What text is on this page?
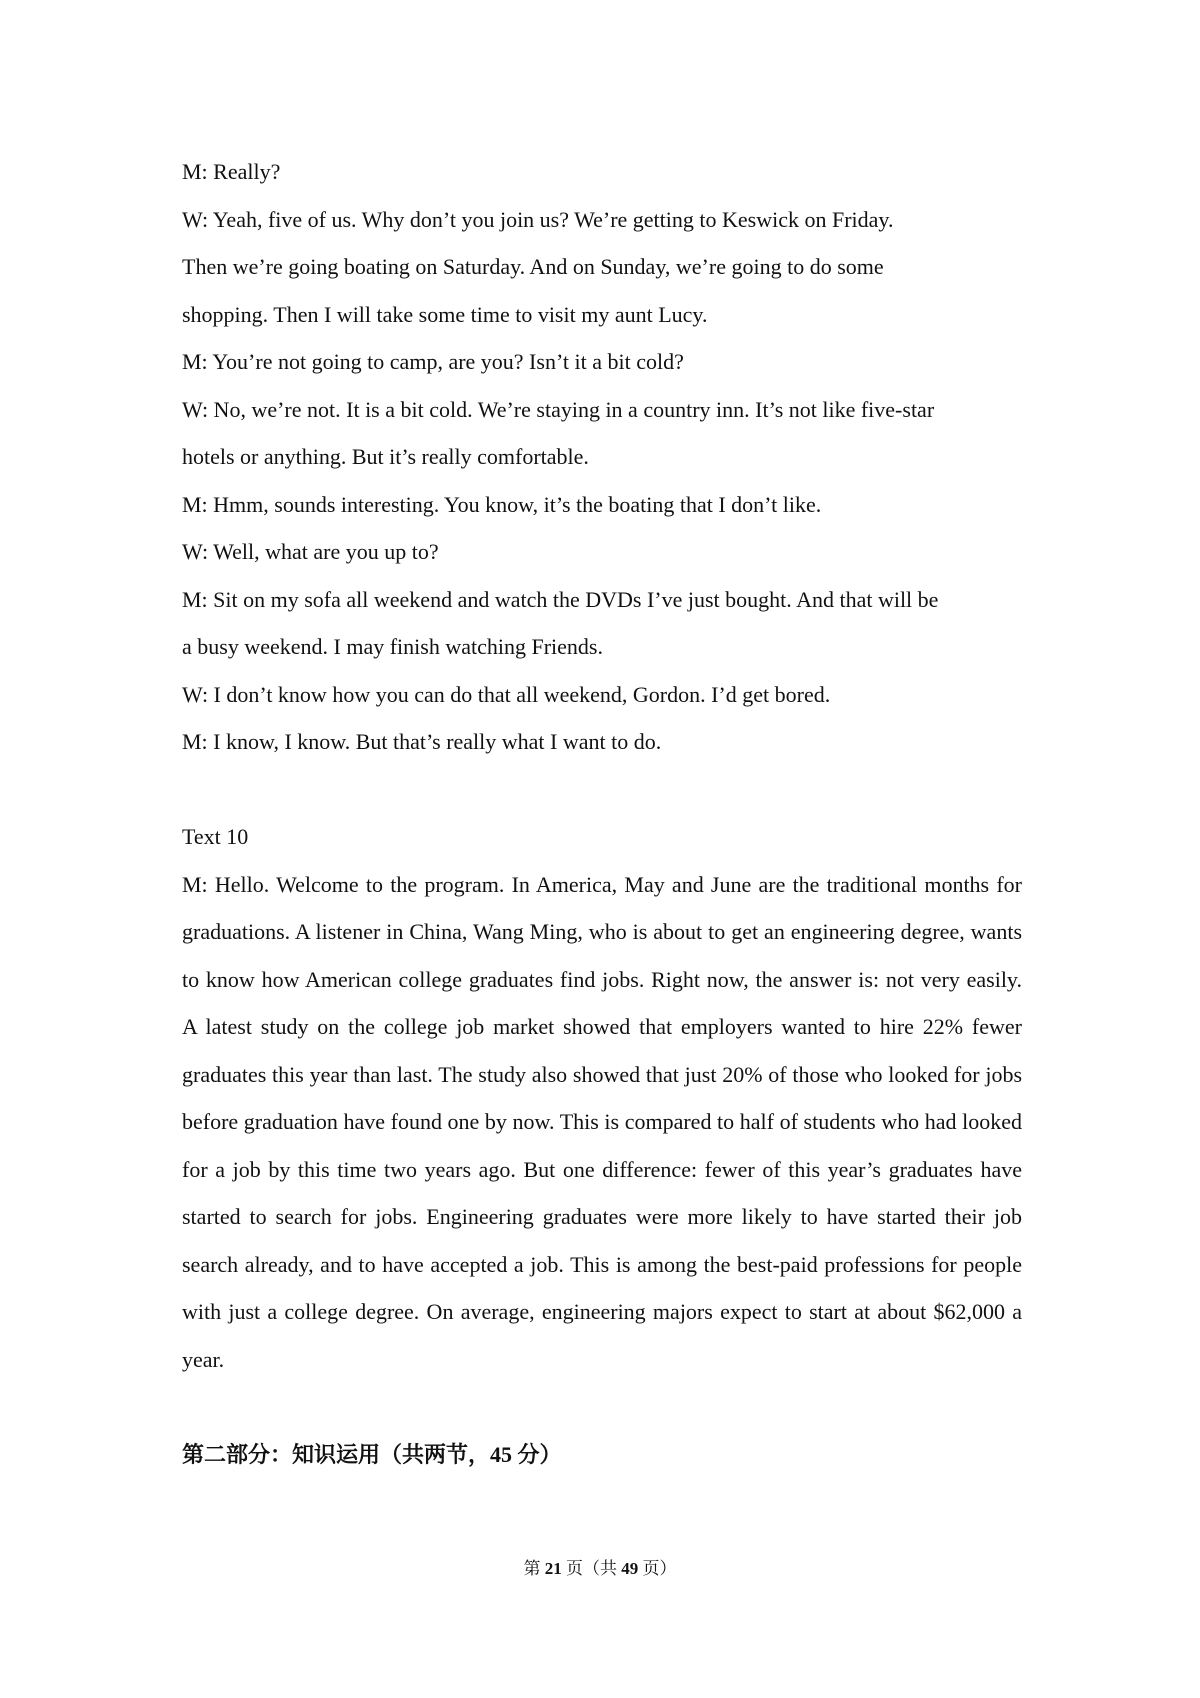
M: Really?

W: Yeah, five of us. Why don’t you join us? We’re getting to Keswick on Friday.

Then we’re going boating on Saturday. And on Sunday, we’re going to do some

shopping. Then I will take some time to visit my aunt Lucy.

M: You’re not going to camp, are you? Isn’t it a bit cold?

W: No, we’re not. It is a bit cold. We’re staying in a country inn. It’s not like five-star

hotels or anything. But it’s really comfortable.

M: Hmm, sounds interesting. You know, it’s the boating that I don’t like.

W: Well, what are you up to?

M: Sit on my sofa all weekend and watch the DVDs I’ve just bought. And that will be

a busy weekend. I may finish watching Friends.

W: I don’t know how you can do that all weekend, Gordon. I’d get bored.

M: I know, I know. But that’s really what I want to do.

Text 10

M: Hello. Welcome to the program. In America, May and June are the traditional months for graduations. A listener in China, Wang Ming, who is about to get an engineering degree, wants to know how American college graduates find jobs. Right now, the answer is: not very easily. A latest study on the college job market showed that employers wanted to hire 22% fewer graduates this year than last. The study also showed that just 20% of those who looked for jobs before graduation have found one by now. This is compared to half of students who had looked for a job by this time two years ago. But one difference: fewer of this year’s graduates have started to search for jobs. Engineering graduates were more likely to have started their job search already, and to have accepted a job. This is among the best-paid professions for people with just a college degree. On average, engineering majors expect to start at about $62,000 a year.

第二部分：知识运用（共两节，45 分）

第 21 页（共 49 页）
